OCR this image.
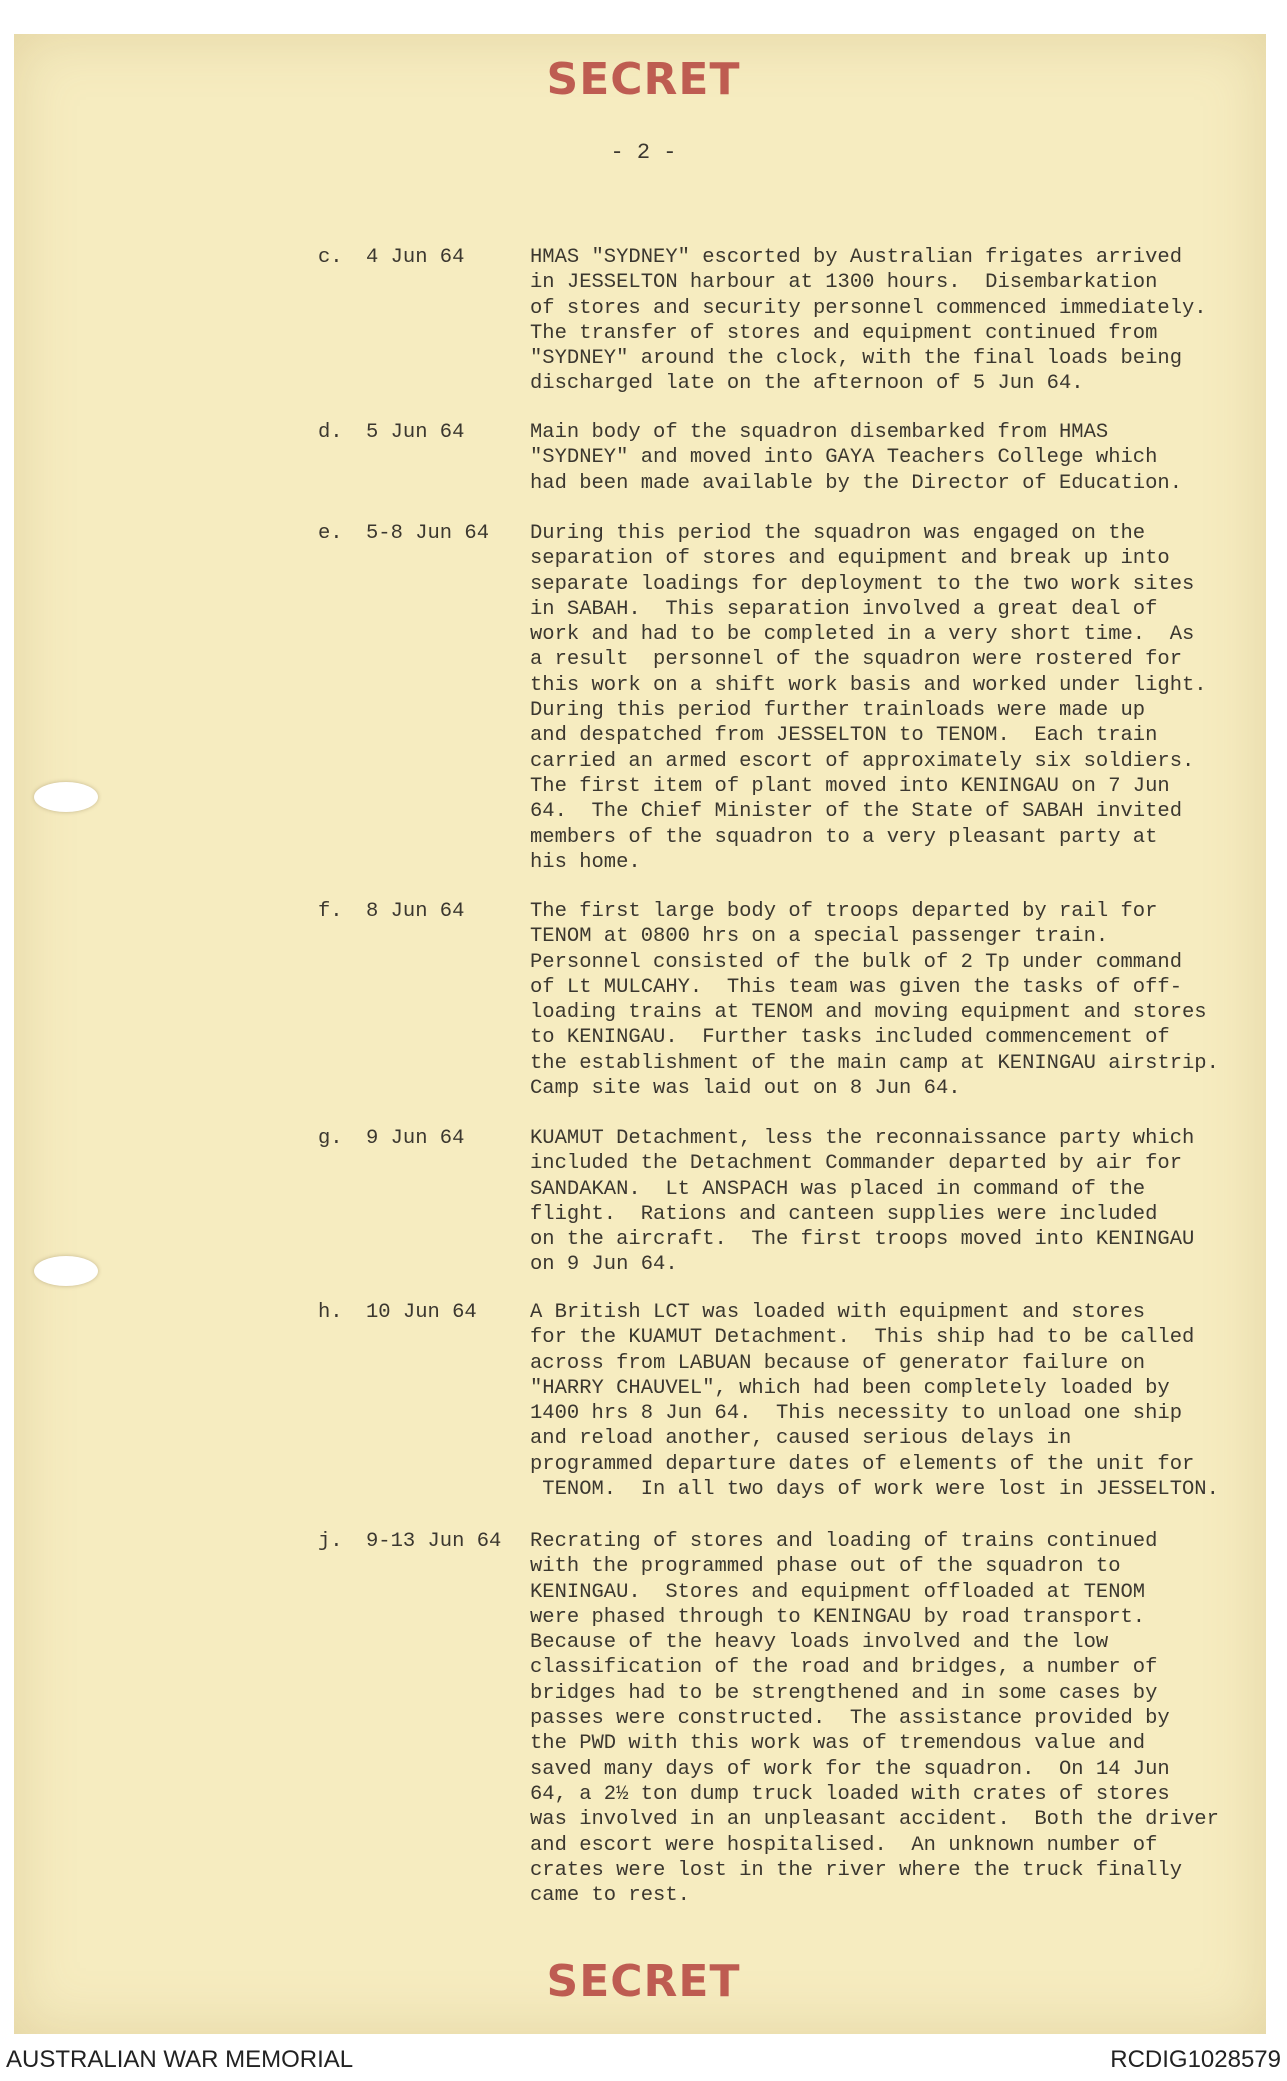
SECRET
- 2 -
c. 4 Jun 64	HMAS "SYDNEY" escorted by Australian frigates arrived
in JESSELTON harbour at 1300 hours.  Disembarkation
of stores and security personnel commenced immediately.
The transfer of stores and equipment continued from
"SYDNEY" around the clock, with the final loads being
discharged late on the afternoon of 5 Jun 64.
d. 5 Jun 64	Main body of the squadron disembarked from HMAS
"SYDNEY" and moved into GAYA Teachers College which
had been made available by the Director of Education.
e. 5-8 Jun 64 During this period the squadron was engaged on the
separation of stores and equipment and break up into
separate loadings for deployment to the two work sites
in SABAH.  This separation involved a great deal of
work and had to be completed in a very short time.  As
a result  personnel of the squadron were rostered for
this work on a shift work basis and worked under light.
During this period further trainloads were made up
and despatched from JESSELTON to TENOM.  Each train
carried an armed escort of approximately six soldiers.
The first item of plant moved into KENINGAU on 7 Jun
64.  The Chief Minister of the State of SABAH invited
members of the squadron to a very pleasant party at
his home.
f. 8 Jun 64	The first large body of troops departed by rail for
TENOM at 0800 hrs on a special passenger train.
Personnel consisted of the bulk of 2 Tp under command
of Lt MULCAHY.  This team was given the tasks of off-
loading trains at TENOM and moving equipment and stores
to KENINGAU.  Further tasks included commencement of
the establishment of the main camp at KENINGAU airstrip.
Camp site was laid out on 8 Jun 64.
g. 9 Jun 64	KUAMUT Detachment, less the reconnaissance party which
included the Detachment Commander departed by air for
SANDAKAN.  Lt ANSPACH was placed in command of the
flight.  Rations and canteen supplies were included
on the aircraft.  The first troops moved into KENINGAU
on 9 Jun 64.
h. 10 Jun 64	A British LCT was loaded with equipment and stores
for the KUAMUT Detachment.  This ship had to be called
across from LABUAN because of generator failure on
"HARRY CHAUVEL", which had been completely loaded by
1400 hrs 8 Jun 64.  This necessity to unload one ship
and reload another, caused serious delays in
programmed departure dates of elements of the unit for
TENOM.  In all two days of work were lost in JESSELTON.
j. 9-13 Jun 64 Recrating of stores and loading of trains continued
with the programmed phase out of the squadron to
KENINGAU.  Stores and equipment offloaded at TENOM
were phased through to KENINGAU by road transport.
Because of the heavy loads involved and the low
classification of the road and bridges, a number of
bridges had to be strengthened and in some cases by
passes were constructed.  The assistance provided by
the PWD with this work was of tremendous value and
saved many days of work for the squadron.  On 14 Jun
64, a 2½ ton dump truck loaded with crates of stores
was involved in an unpleasant accident.  Both the driver
and escort were hospitalised.  An unknown number of
crates were lost in the river where the truck finally
came to rest.
SECRET
AUSTRALIAN WAR MEMORIAL	RCDIG1028579
